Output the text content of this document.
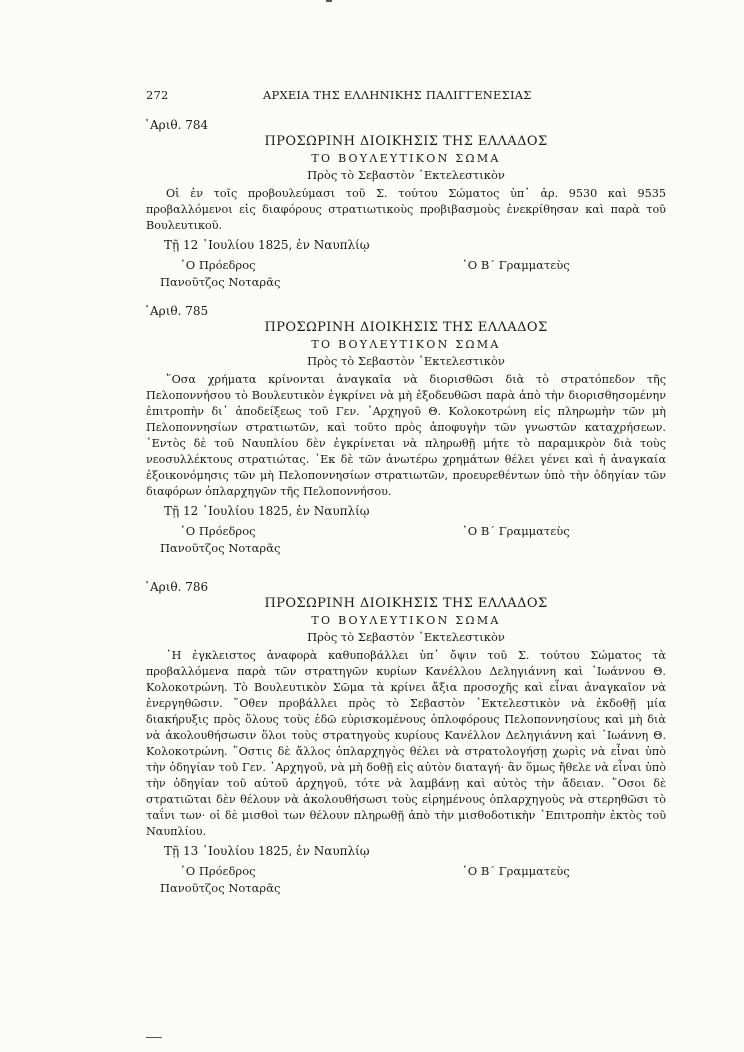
272	ΑΡΧΕΙΑ ΤΗΣ ΕΛΛΗΝΙΚΗΣ ΠΑΛΙΓΓΕΝΕΣΙΑΣ
᾿Αριθ. 784
ΠΡΟΣΩΡΙΝΗ ΔΙΟΙΚΗΣΙΣ ΤΗΣ ΕΛΛΑΔΟΣ
ΤΟ ΒΟΥΛΕΥΤΙΚΟΝ ΣΩΜΑ
Πρὸς τὸ Σεβαστὸν ᾿Εκτελεστικὸν
Οἱ ἐν τοῖς προβουλεύμασι τοῦ Σ. τούτου Σώματος ὑπ᾿ ἀρ. 9530 καὶ 9535 προβαλλόμενοι εἰς διαφόρους στρατιωτικοὺς προβιβασμοὺς ἐνεκρίθησαν καὶ παρὰ τοῦ Βουλευτικοῦ.
Τῇ 12 ᾿Ιουλίου 1825, ἐν Ναυπλίῳ
῾Ο Πρόεδρος
Πανοῦτζος Νοταρᾶς
῾Ο Β΄ Γραμματεὺς
᾿Αριθ. 785
ΠΡΟΣΩΡΙΝΗ ΔΙΟΙΚΗΣΙΣ ΤΗΣ ΕΛΛΑΔΟΣ
ΤΟ ΒΟΥΛΕΥΤΙΚΟΝ ΣΩΜΑ
Πρὸς τὸ Σεβαστὸν ᾿Εκτελεστικὸν
῞Οσα χρήματα κρίνονται ἀναγκαῖα νὰ διορισθῶσι διὰ τὸ στρατόπεδον τῆς Πελοποννήσου τὸ Βουλευτικὸν ἐγκρίνει νὰ μὴ ἐξοδευθῶσι παρὰ ἀπὸ τὴν διορισθησομένην ἐπιτροπὴν δι᾿ ἀποδείξεως τοῦ Γεν. ᾿Αρχηγοῦ Θ. Κολοκοτρώνη εἰς πληρωμὴν τῶν μὴ Πελοποννησίων στρατιωτῶν, καὶ τοῦτο πρὸς ἀποφυγὴν τῶν γνωστῶν καταχρήσεων. ᾿Εντὸς δὲ τοῦ Ναυπλίου δὲν ἐγκρίνεται νὰ πληρωθῇ μήτε τὸ παραμικρὸν διὰ τοὺς νεοσυλλέκτους στρατιώτας. ᾿Εκ δὲ τῶν ἀνωτέρω χρημάτων θέλει γένει καὶ ἡ ἀναγκαία ἐξοικονόμησις τῶν μὴ Πελοποννησίων στρατιωτῶν, προευρεθέντων ὑπὸ τὴν ὁδηγίαν τῶν διαφόρων ὀπλαρχηγῶν τῆς Πελοποννήσου.
Τῇ 12 ᾿Ιουλίου 1825, ἐν Ναυπλίῳ
῾Ο Πρόεδρος
Πανοῦτζος Νοταρᾶς
῾Ο Β΄ Γραμματεὺς
᾿Αριθ. 786
ΠΡΟΣΩΡΙΝΗ ΔΙΟΙΚΗΣΙΣ ΤΗΣ ΕΛΛΑΔΟΣ
ΤΟ ΒΟΥΛΕΥΤΙΚΟΝ ΣΩΜΑ
Πρὸς τὸ Σεβαστὸν ᾿Εκτελεστικὸν
῾Η ἐγκλειστος ἀναφορὰ καθυποβάλλει ὑπ᾿ ὄψιν τοῦ Σ. τούτου Σώματος τὰ προβαλλόμενα παρὰ τῶν στρατηγῶν κυρίων Κανέλλου Δεληγιάννη καὶ ᾿Ιωάννου Θ. Κολοκοτρώνη. Τὸ Βουλευτικὸν Σῶμα τὰ κρίνει ἄξια προσοχῆς καὶ εἶναι ἀναγκαῖον νὰ ἐνεργηθῶσιν. ῞Οθεν προβάλλει πρὸς τὸ Σεβαστὸν ᾿Εκτελεστικὸν νὰ ἐκδοθῇ μία διακήρυξις πρὸς ὅλους τοὺς ἐδῶ εὑρισκομένους ὁπλοφόρους Πελοποννησίους καὶ μὴ διὰ νὰ ἀκολουθήσωσιν ὅλοι τοὺς στρατηγοὺς κυρίους Κανέλλον Δεληγιάννη καὶ ᾿Ιωάννη Θ. Κολοκοτρώνη. ῞Οστις δὲ ἄλλος ὁπλαρχηγὸς θέλει νὰ στρατολογήσῃ χωρὶς νὰ εἶναι ὑπὸ τὴν ὁδηγίαν τοῦ Γεν. ᾿Αρχηγοῦ, νὰ μὴ δοθῇ εἰς αὐτὸν διαταγή· ἂν ὅμως ἤθελε νὰ εἶναι ὑπὸ τὴν ὁδηγίαν τοῦ αὐτοῦ ἀρχηγοῦ, τότε νὰ λαμβάνῃ καὶ αὐτὸς τὴν ἄδειαν. ῞Οσοι δὲ στρατιῶται δὲν θέλουν νὰ ἀκολουθήσωσι τοὺς εἰρημένους ὁπλαρχηγοὺς νὰ στερηθῶσι τὸ ταΐνι των· οἱ δὲ μισθοὶ των θέλουν πληρωθῇ ἀπὸ τὴν μισθοδοτικὴν ᾿Επιτροπὴν ἐκτὸς τοῦ Ναυπλίου.
Τῇ 13 ᾿Ιουλίου 1825, ἐν Ναυπλίῳ
῾Ο Πρόεδρος
Πανοῦτζος Νοταρᾶς
῾Ο Β΄ Γραμματεὺς
